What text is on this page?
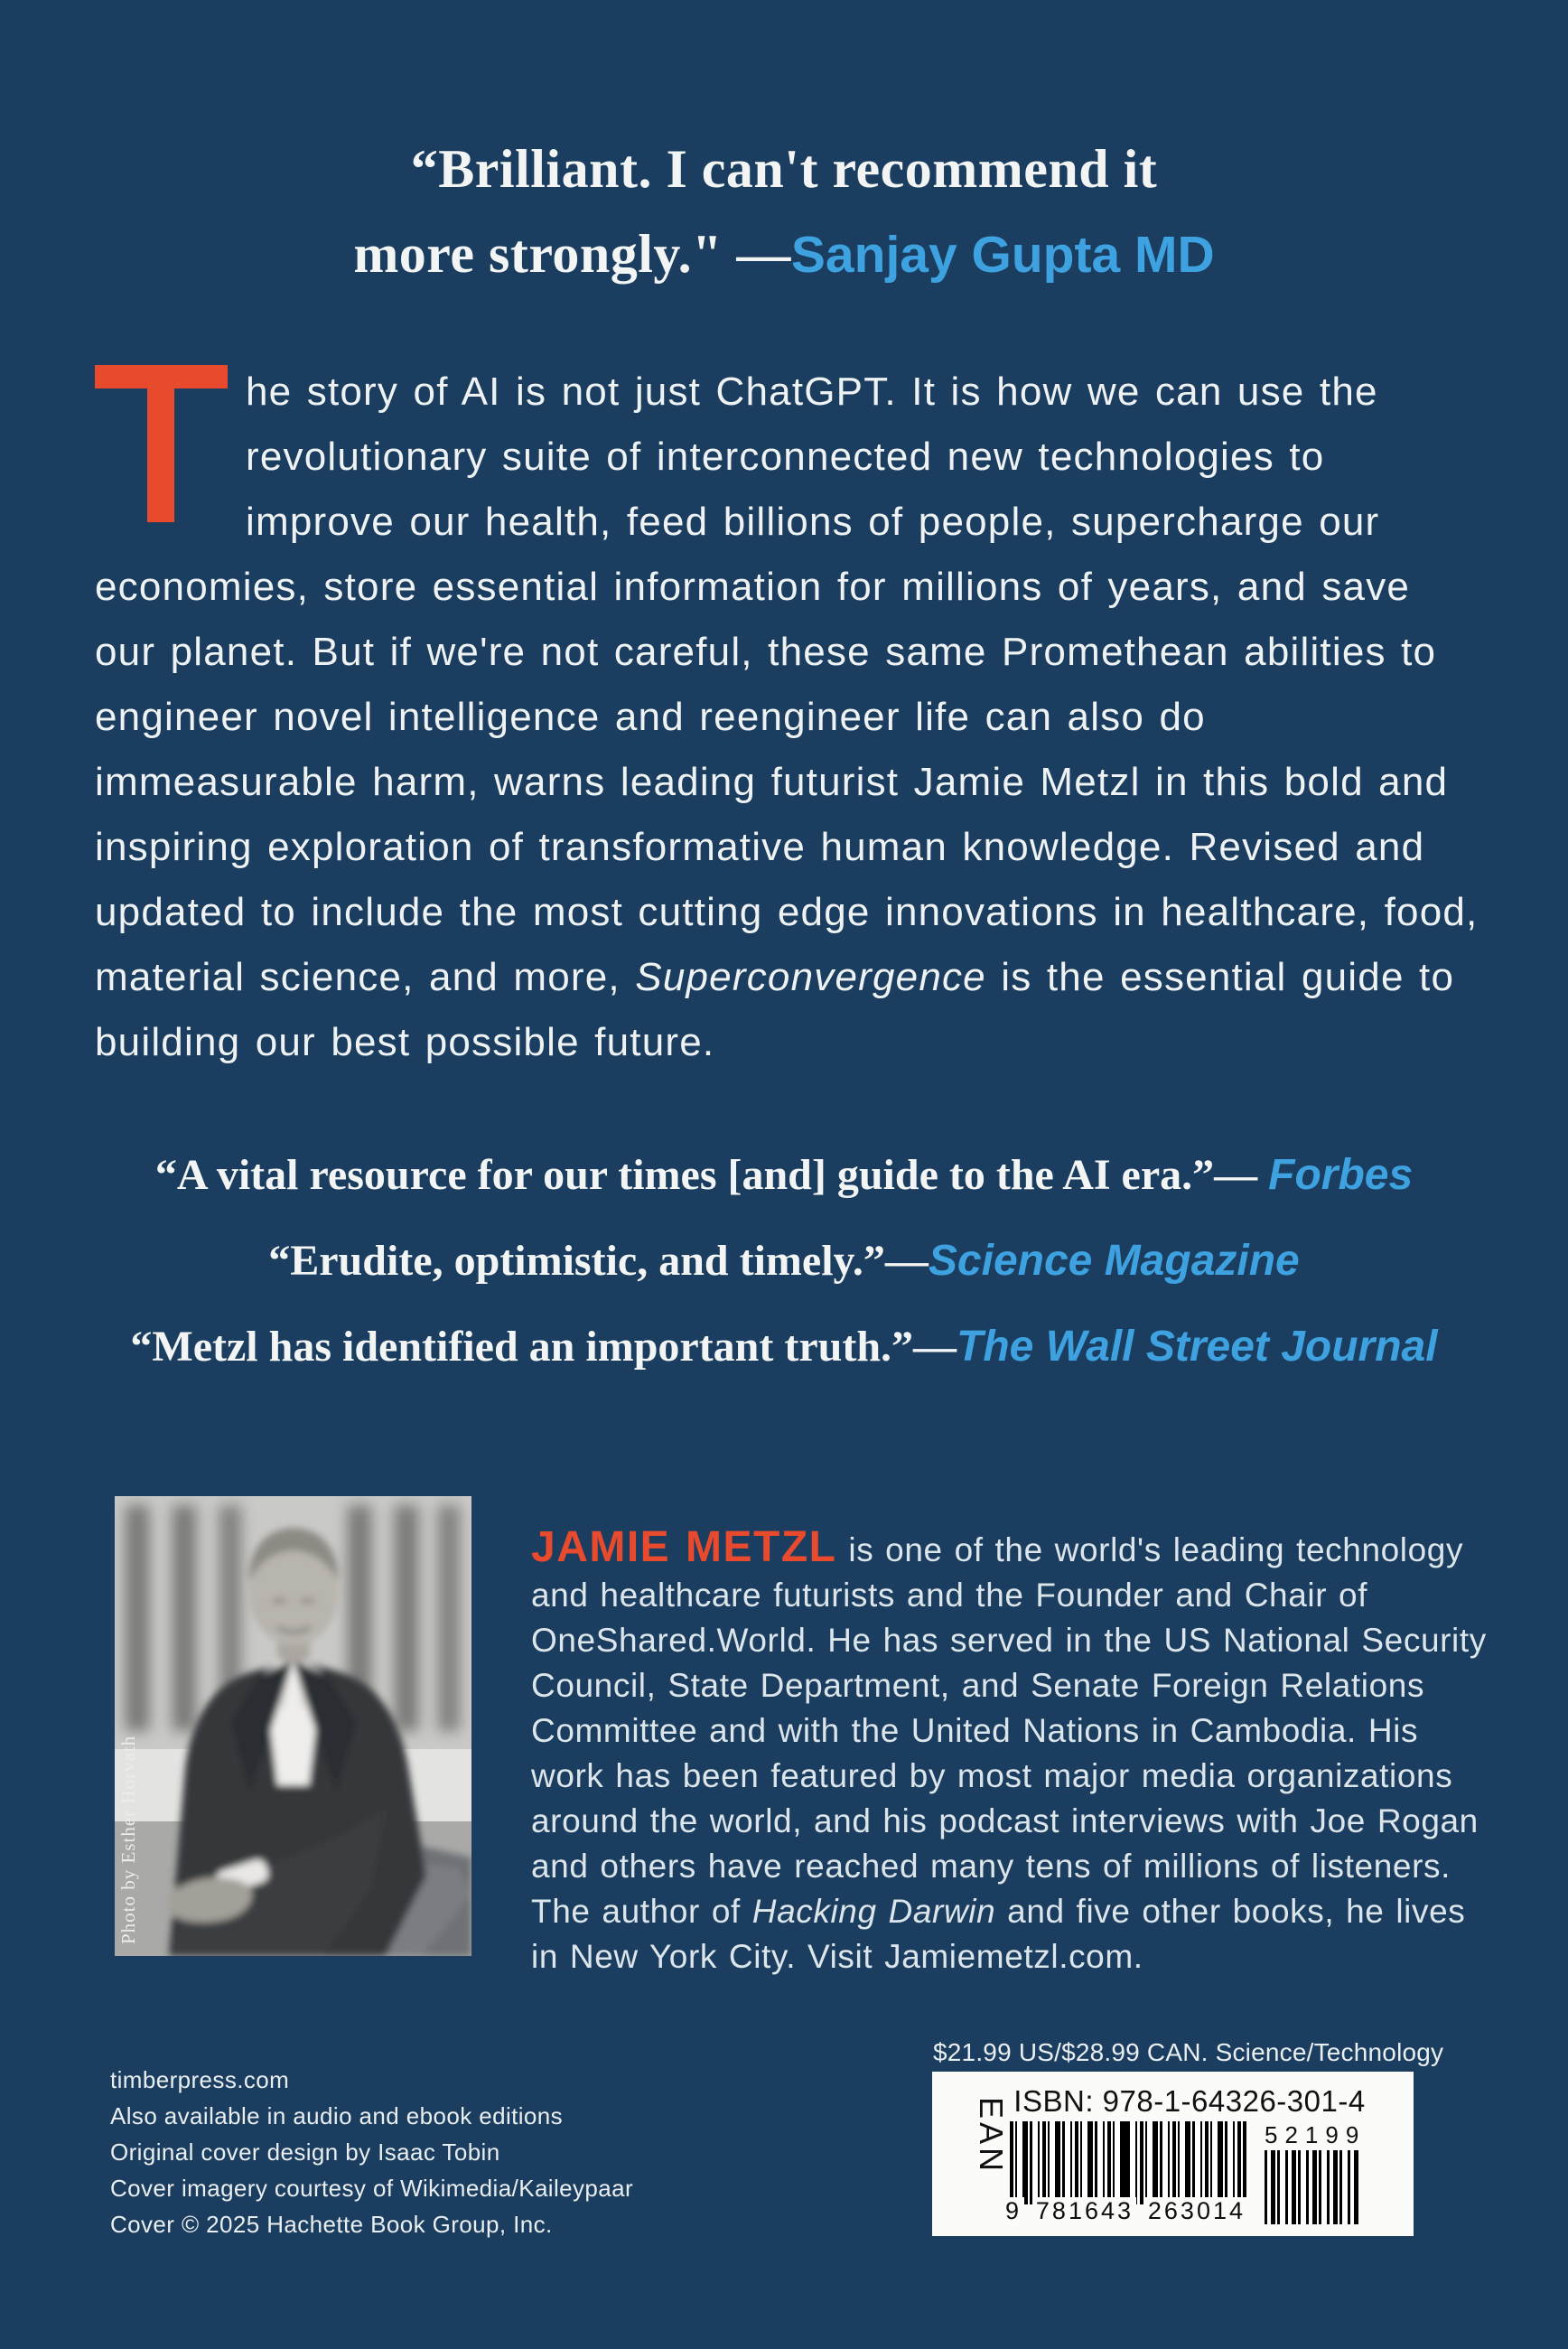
“Brilliant. I can't recommend it
more strongly." —Sanjay Gupta MD
he story of AI is not just ChatGPT. It is how we can use the revolutionary suite of interconnected new technologies to improve our health, feed billions of people, supercharge our economies, store essential information for millions of years, and save our planet. But if we're not careful, these same Promethean abilities to engineer novel intelligence and reengineer life can also do immeasurable harm, warns leading futurist Jamie Metzl in this bold and inspiring exploration of transformative human knowledge. Revised and updated to include the most cutting edge innovations in healthcare, food, material science, and more, Superconvergence is the essential guide to building our best possible future.
“A vital resource for our times [and] guide to the AI era.”— Forbes
“Erudite, optimistic, and timely.”—Science Magazine
“Metzl has identified an important truth.”—The Wall Street Journal
Photo by Esther Horvath
JAMIE METZL is one of the world's leading technology and healthcare futurists and the Founder and Chair of OneShared.World. He has served in the US National Security Council, State Department, and Senate Foreign Relations Committee and with the United Nations in Cambodia. His work has been featured by most major media organizations around the world, and his podcast interviews with Joe Rogan and others have reached many tens of millions of listeners. The author of Hacking Darwin and five other books, he lives in New York City. Visit Jamiemetzl.com.
timberpress.com
Also available in audio and ebook editions
Original cover design by Isaac Tobin
Cover imagery courtesy of Wikimedia/Kaileypaar
Cover © 2025 Hachette Book Group, Inc.
$21.99 US/$28.99 CAN. Science/Technology
ISBN: 978-1-64326-301-4
EAN
9 781643 263014
52199
